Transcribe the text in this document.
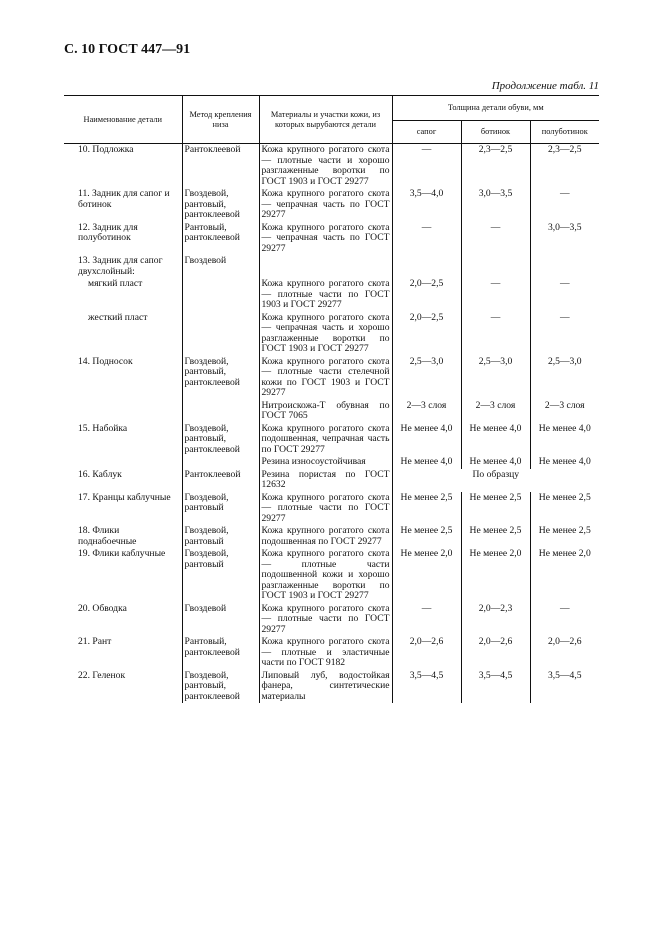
С. 10 ГОСТ 447—91
Продолжение табл. 11
Наименование детали	Метод крепления низа	Материалы и участки кожи, из которых вырубаются детали	Толщина детали обуви, мм		
			сапог	ботинок	полуботинок
10. Подложка	Рантоклеевой	Кожа крупного рогатого скота — плотные части и хорошо разглаженные воротки по ГОСТ 1903 и ГОСТ 29277	—	2,3—2,5	2,3—2,5
11. Задник для сапог и ботинок	Гвоздевой, рантовый, рантоклеевой	Кожа крупного рогатого скота — чепрачная часть по ГОСТ 29277	3,5—4,0	3,0—3,5	—
12. Задник для полуботинок	Рантовый, рантоклеевой	Кожа крупного рогатого скота — чепрачная часть по ГОСТ 29277	—	—	3,0—3,5
13. Задник для сапог двухслойный:	Гвоздевой				
мягкий пласт		Кожа крупного рогатого скота — плотные части по ГОСТ 1903 и ГОСТ 29277	2,0—2,5	—	—
жесткий пласт		Кожа крупного рогатого скота — чепрачная часть и хорошо разглаженные воротки по ГОСТ 1903 и ГОСТ 29277	2,0—2,5	—	—
14. Подносок	Гвоздевой, рантовый, рантоклеевой	Кожа крупного рогатого скота — плотные части стелечной кожи по ГОСТ 1903 и ГОСТ 29277	2,5—3,0	2,5—3,0	2,5—3,0
		Нитроискожа-Т обувная по ГОСТ 7065	2—3 слоя	2—3 слоя	2—3 слоя
15. Набойка	Гвоздевой, рантовый, рантоклеевой	Кожа крупного рогатого скота подошвенная, чепрачная часть по ГОСТ 29277	Не менее 4,0	Не менее 4,0	Не менее 4,0
		Резина износоустойчивая	Не менее 4,0	Не менее 4,0	Не менее 4,0
16. Каблук	Рантоклеевой	Резина пористая по ГОСТ 12632	По образцу		
17. Кранцы каблучные	Гвоздевой, рантовый	Кожа крупного рогатого скота — плотные части по ГОСТ 29277	Не менее 2,5	Не менее 2,5	Не менее 2,5
18. Флики поднабоечные	Гвоздевой, рантовый	Кожа крупного рогатого скота подошвенная по ГОСТ 29277	Не менее 2,5	Не менее 2,5	Не менее 2,5
19. Флики каблучные	Гвоздевой, рантовый	Кожа крупного рогатого скота — плотные части подошвенной кожи и хорошо разглаженные воротки по ГОСТ 1903 и ГОСТ 29277	Не менее 2,0	Не менее 2,0	Не менее 2,0
20. Обводка	Гвоздевой	Кожа крупного рогатого скота — плотные части по ГОСТ 29277	—	2,0—2,3	—
21. Рант	Рантовый, рантоклеевой	Кожа крупного рогатого скота — плотные и эластичные части по ГОСТ 9182	2,0—2,6	2,0—2,6	2,0—2,6
22. Геленок	Гвоздевой, рантовый, рантоклеевой	Липовый луб, водостойкая фанера, синтетические материалы	3,5—4,5	3,5—4,5	3,5—4,5
